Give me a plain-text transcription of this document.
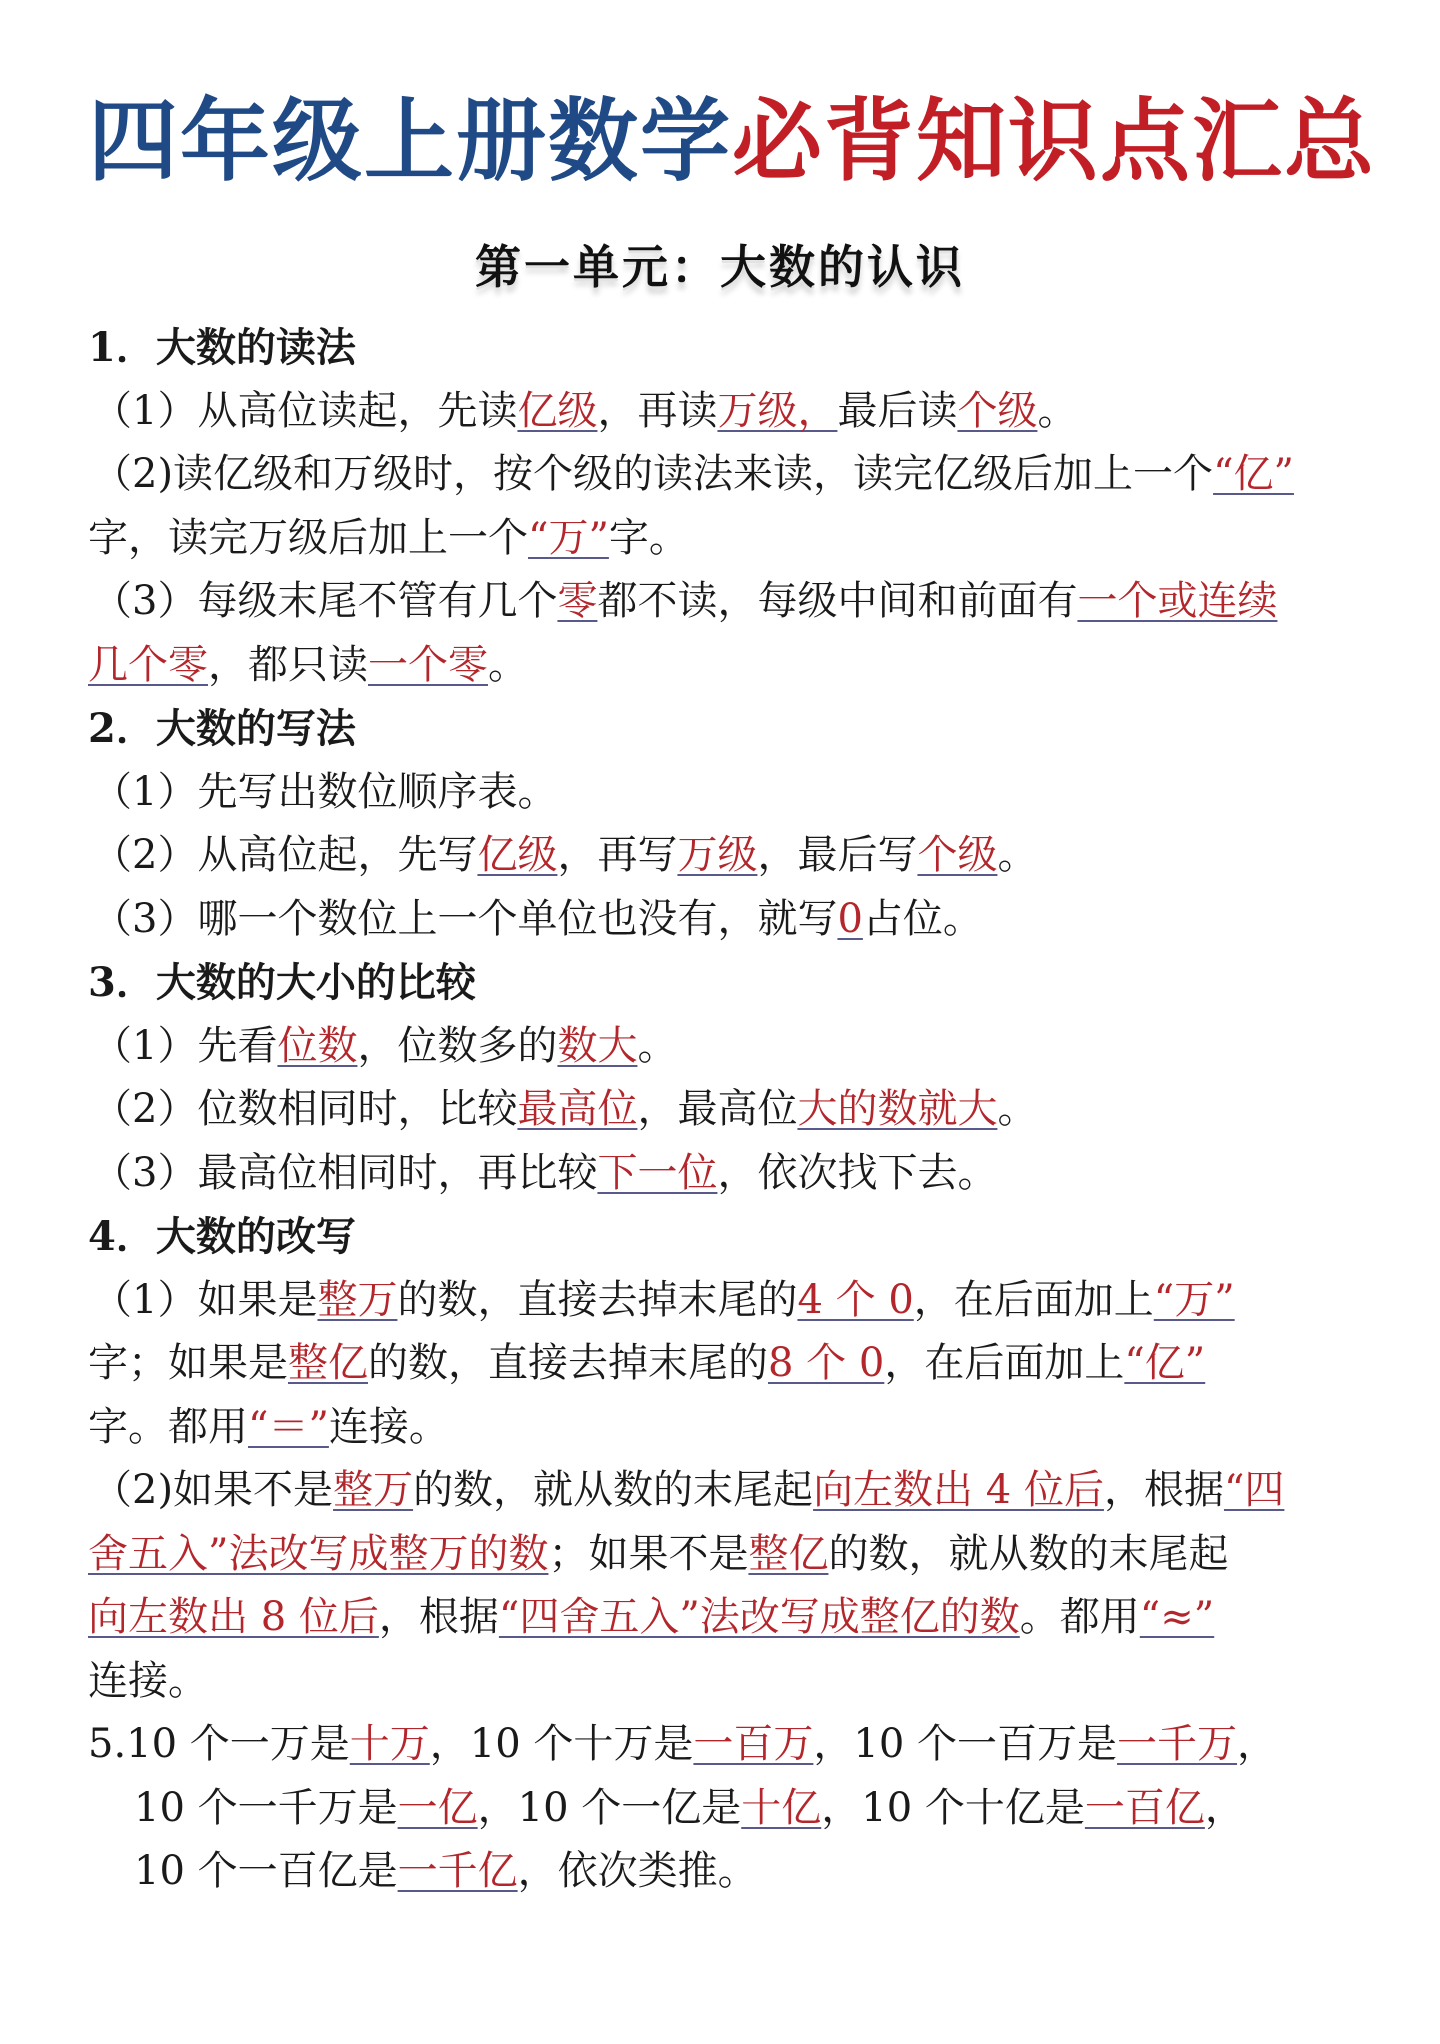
四年级上册数学必背知识点汇总
第一单元：大数的认识
1．大数的读法
（1）从高位读起，先读亿级，再读万级，最后读个级。
（2)读亿级和万级时，按个级的读法来读，读完亿级后加上一个“亿”
字，读完万级后加上一个“万”字。
（3）每级末尾不管有几个零都不读，每级中间和前面有一个或连续
几个零，都只读一个零。
2．大数的写法
（1）先写出数位顺序表。
（2）从高位起，先写亿级，再写万级，最后写个级。
（3）哪一个数位上一个单位也没有，就写0占位。
3．大数的大小的比较
（1）先看位数，位数多的数大。
（2）位数相同时，比较最高位，最高位大的数就大。
（3）最高位相同时，再比较下一位，依次找下去。
4．大数的改写
（1）如果是整万的数，直接去掉末尾的4 个 0，在后面加上“万”
字；如果是整亿的数，直接去掉末尾的8 个 0，在后面加上“亿”
字。都用“＝”连接。
（2)如果不是整万的数，就从数的末尾起向左数出 4 位后，根据“四
舍五入”法改写成整万的数；如果不是整亿的数，就从数的末尾起
向左数出 8 位后，根据“四舍五入”法改写成整亿的数。都用“≈”
连接。
5.10 个一万是十万，10 个十万是一百万，10 个一百万是一千万，
10 个一千万是一亿，10 个一亿是十亿，10 个十亿是一百亿，
10 个一百亿是一千亿，依次类推。
